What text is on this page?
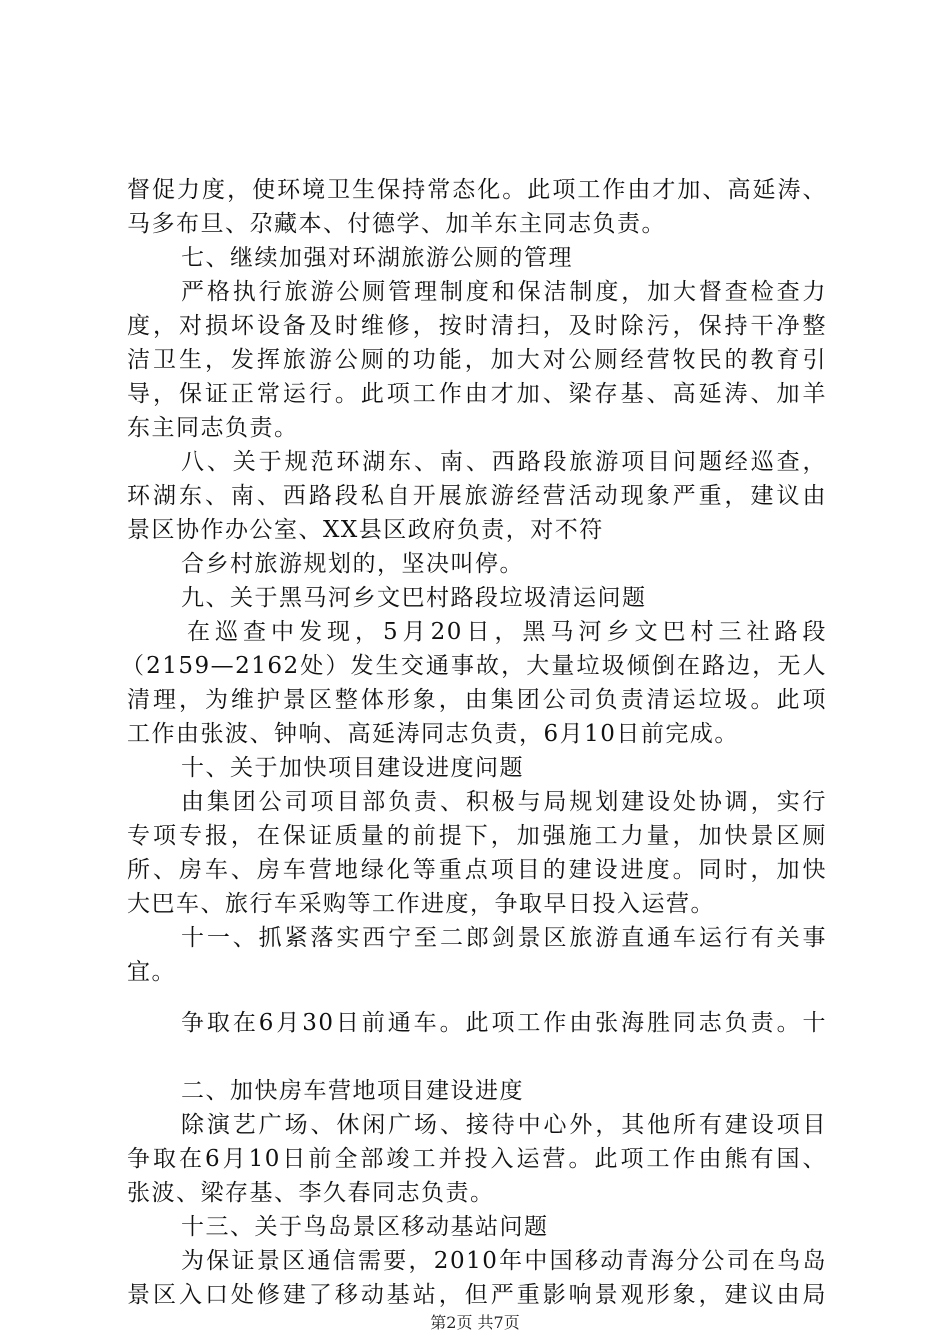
督促力度，使环境卫生保持常态化。此项工作由才加、高延涛、
马多布旦、尕藏本、付德学、加羊东主同志负责。
七、继续加强对环湖旅游公厕的管理
严格执行旅游公厕管理制度和保洁制度，加大督查检查力
度，对损坏设备及时维修，按时清扫，及时除污，保持干净整
洁卫生，发挥旅游公厕的功能，加大对公厕经营牧民的教育引
导，保证正常运行。此项工作由才加、梁存基、高延涛、加羊
东主同志负责。
八、关于规范环湖东、南、西路段旅游项目问题经巡查，
环湖东、南、西路段私自开展旅游经营活动现象严重，建议由
景区协作办公室、XX县区政府负责，对不符
合乡村旅游规划的，坚决叫停。
九、关于黑马河乡文巴村路段垃圾清运问题
在巡查中发现，5月20日，黑马河乡文巴村三社路段
（2159—2162处）发生交通事故，大量垃圾倾倒在路边，无人
清理，为维护景区整体形象，由集团公司负责清运垃圾。此项
工作由张波、钟响、高延涛同志负责，6月10日前完成。
十、关于加快项目建设进度问题
由集团公司项目部负责、积极与局规划建设处协调，实行
专项专报，在保证质量的前提下，加强施工力量，加快景区厕
所、房车、房车营地绿化等重点项目的建设进度。同时，加快
大巴车、旅行车采购等工作进度，争取早日投入运营。
十一、抓紧落实西宁至二郎剑景区旅游直通车运行有关事
宜。
争取在6月30日前通车。此项工作由张海胜同志负责。十
二、加快房车营地项目建设进度
除演艺广场、休闲广场、接待中心外，其他所有建设项目
争取在6月10日前全部竣工并投入运营。此项工作由熊有国、
张波、梁存基、李久春同志负责。
十三、关于鸟岛景区移动基站问题
为保证景区通信需要，2010年中国移动青海分公司在鸟岛
景区入口处修建了移动基站，但严重影响景观形象，建议由局
第2页 共7页
